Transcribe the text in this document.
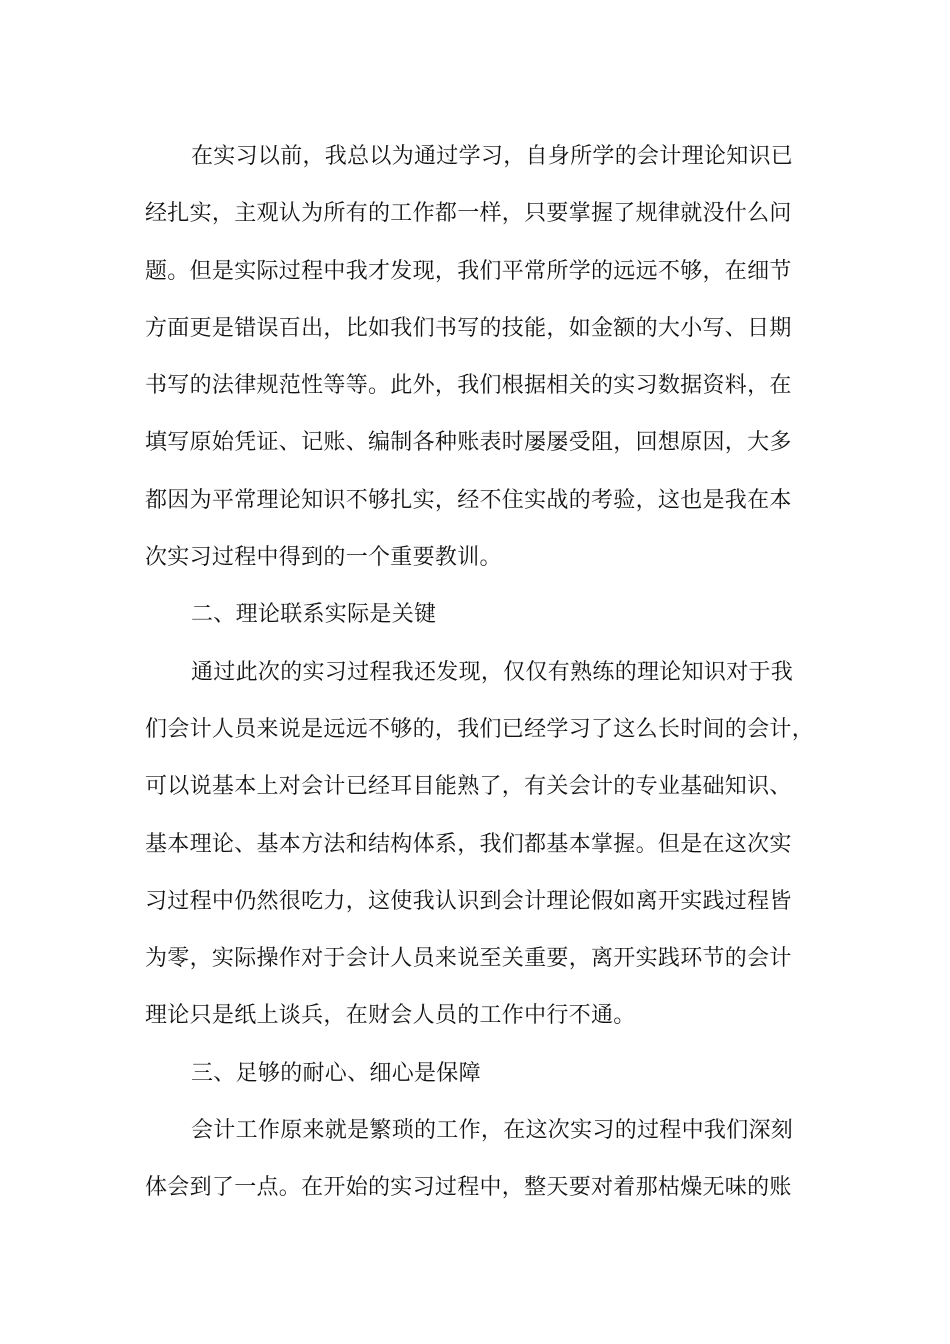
在实习以前，我总以为通过学习，自身所学的会计理论知识已
经扎实，主观认为所有的工作都一样，只要掌握了规律就没什么问
题。但是实际过程中我才发现，我们平常所学的远远不够，在细节
方面更是错误百出，比如我们书写的技能，如金额的大小写、日期
书写的法律规范性等等。此外，我们根据相关的实习数据资料，在
填写原始凭证、记账、编制各种账表时屡屡受阻，回想原因，大多
都因为平常理论知识不够扎实，经不住实战的考验，这也是我在本
次实习过程中得到的一个重要教训。

二、理论联系实际是关键

通过此次的实习过程我还发现，仅仅有熟练的理论知识对于我
们会计人员来说是远远不够的，我们已经学习了这么长时间的会计，
可以说基本上对会计已经耳目能熟了，有关会计的专业基础知识、
基本理论、基本方法和结构体系，我们都基本掌握。但是在这次实
习过程中仍然很吃力，这使我认识到会计理论假如离开实践过程皆
为零，实际操作对于会计人员来说至关重要，离开实践环节的会计
理论只是纸上谈兵，在财会人员的工作中行不通。

三、足够的耐心、细心是保障

会计工作原来就是繁琐的工作，在这次实习的过程中我们深刻
体会到了一点。在开始的实习过程中，整天要对着那枯燥无味的账
